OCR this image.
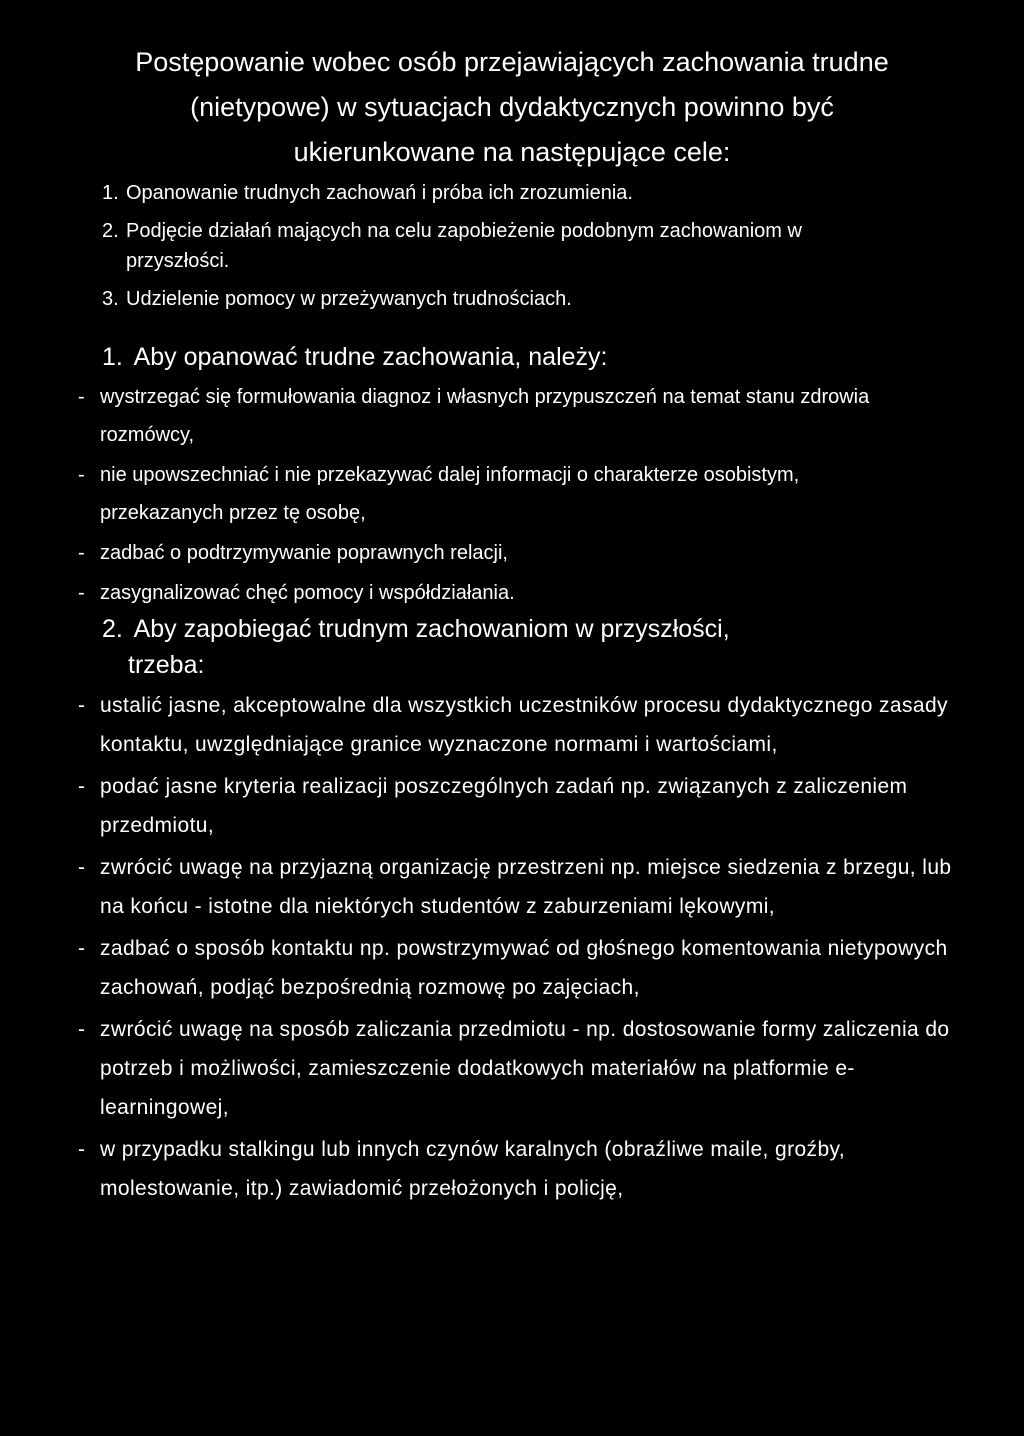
Postępowanie wobec osób przejawiających zachowania trudne
(nietypowe) w sytuacjach dydaktycznych powinno być
ukierunkowane na następujące cele:
1. Opanowanie trudnych zachowań i próba ich zrozumienia.
2. Podjęcie działań mających na celu zapobieżenie podobnym zachowaniom w przyszłości.
3. Udzielenie pomocy w przeżywanych trudnościach.
1. Aby opanować trudne zachowania, należy:
- wystrzegać się formułowania diagnoz i własnych przypuszczeń na temat stanu zdrowia rozmówcy,
- nie upowszechniać i nie przekazywać dalej informacji o charakterze osobistym, przekazanych przez tę osobę,
- zadbać o podtrzymywanie poprawnych relacji,
- zasygnalizować chęć pomocy i współdziałania.
2. Aby zapobiegać trudnym zachowaniom w przyszłości,
trzeba:
- ustalić jasne, akceptowalne dla wszystkich uczestników procesu dydaktycznego zasady kontaktu, uwzględniające granice wyznaczone normami i wartościami,
- podać jasne kryteria realizacji poszczególnych zadań np. związanych z zaliczeniem przedmiotu,
- zwrócić uwagę na przyjazną organizację przestrzeni np. miejsce siedzenia z brzegu, lub na końcu - istotne dla niektórych studentów z zaburzeniami lękowymi,
- zadbać o sposób kontaktu np. powstrzymywać od głośnego komentowania nietypowych zachowań, podjąć bezpośrednią rozmowę po zajęciach,
- zwrócić uwagę na sposób zaliczania przedmiotu - np. dostosowanie formy zaliczenia do potrzeb i możliwości, zamieszczenie dodatkowych materiałów na platformie e-learningowej,
- w przypadku stalkingu lub innych czynów karalnych (obraźliwe maile, groźby, molestowanie, itp.) zawiadomić przełożonych i policję,
